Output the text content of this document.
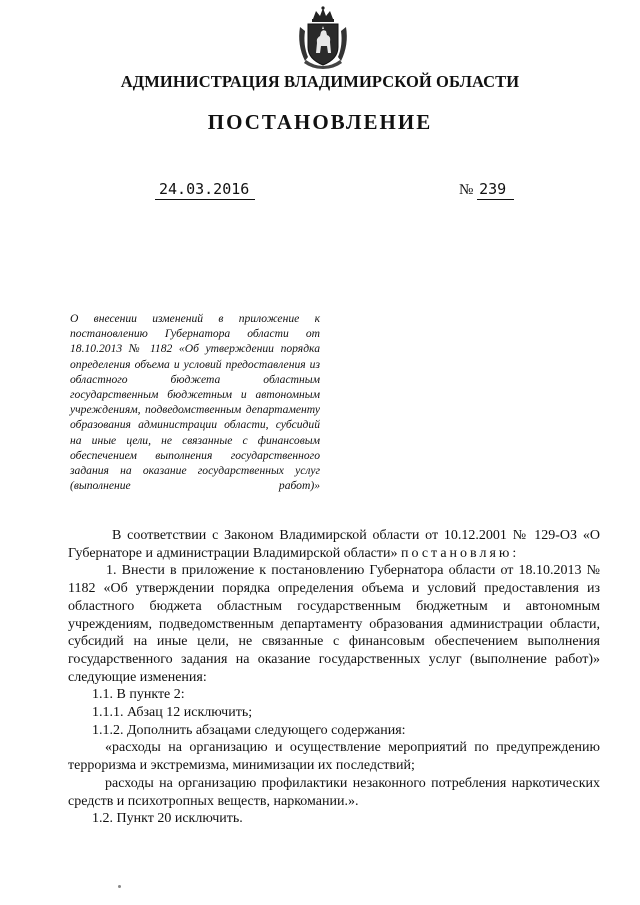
АДМИНИСТРАЦИЯ ВЛАДИМИРСКОЙ ОБЛАСТИ
ПОСТАНОВЛЕНИЕ
24.03.2016	№ 239
О внесении изменений в приложение к постановлению Губернатора области от 18.10.2013 № 1182 «Об утверждении порядка определения объема и условий предоставления из областного бюджета областным государственным бюджетным и автономным учреждениям, подведомственным департаменту образования администрации области, субсидий на иные цели, не связанные с финансовым обеспечением выполнения государственного задания на оказание государственных услуг (выполнение работ)»

В соответствии с Законом Владимирской области от 10.12.2001 № 129-ОЗ «О Губернаторе и администрации Владимирской области» постановляю:

1. Внести в приложение к постановлению Губернатора области от 18.10.2013 № 1182 «Об утверждении порядка определения объема и условий предоставления из областного бюджета областным государственным бюджетным и автономным учреждениям, подведомственным департаменту образования администрации области, субсидий на иные цели, не связанные с финансовым обеспечением выполнения государственного задания на оказание государственных услуг (выполнение работ)» следующие изменения:

1.1. В пункте 2:

1.1.1. Абзац 12 исключить;

1.1.2. Дополнить абзацами следующего содержания:

«расходы на организацию и осуществление мероприятий по предупреждению терроризма и экстремизма, минимизации их последствий;

расходы на организацию профилактики незаконного потребления наркотических средств и психотропных веществ, наркомании.».

1.2. Пункт 20 исключить.
